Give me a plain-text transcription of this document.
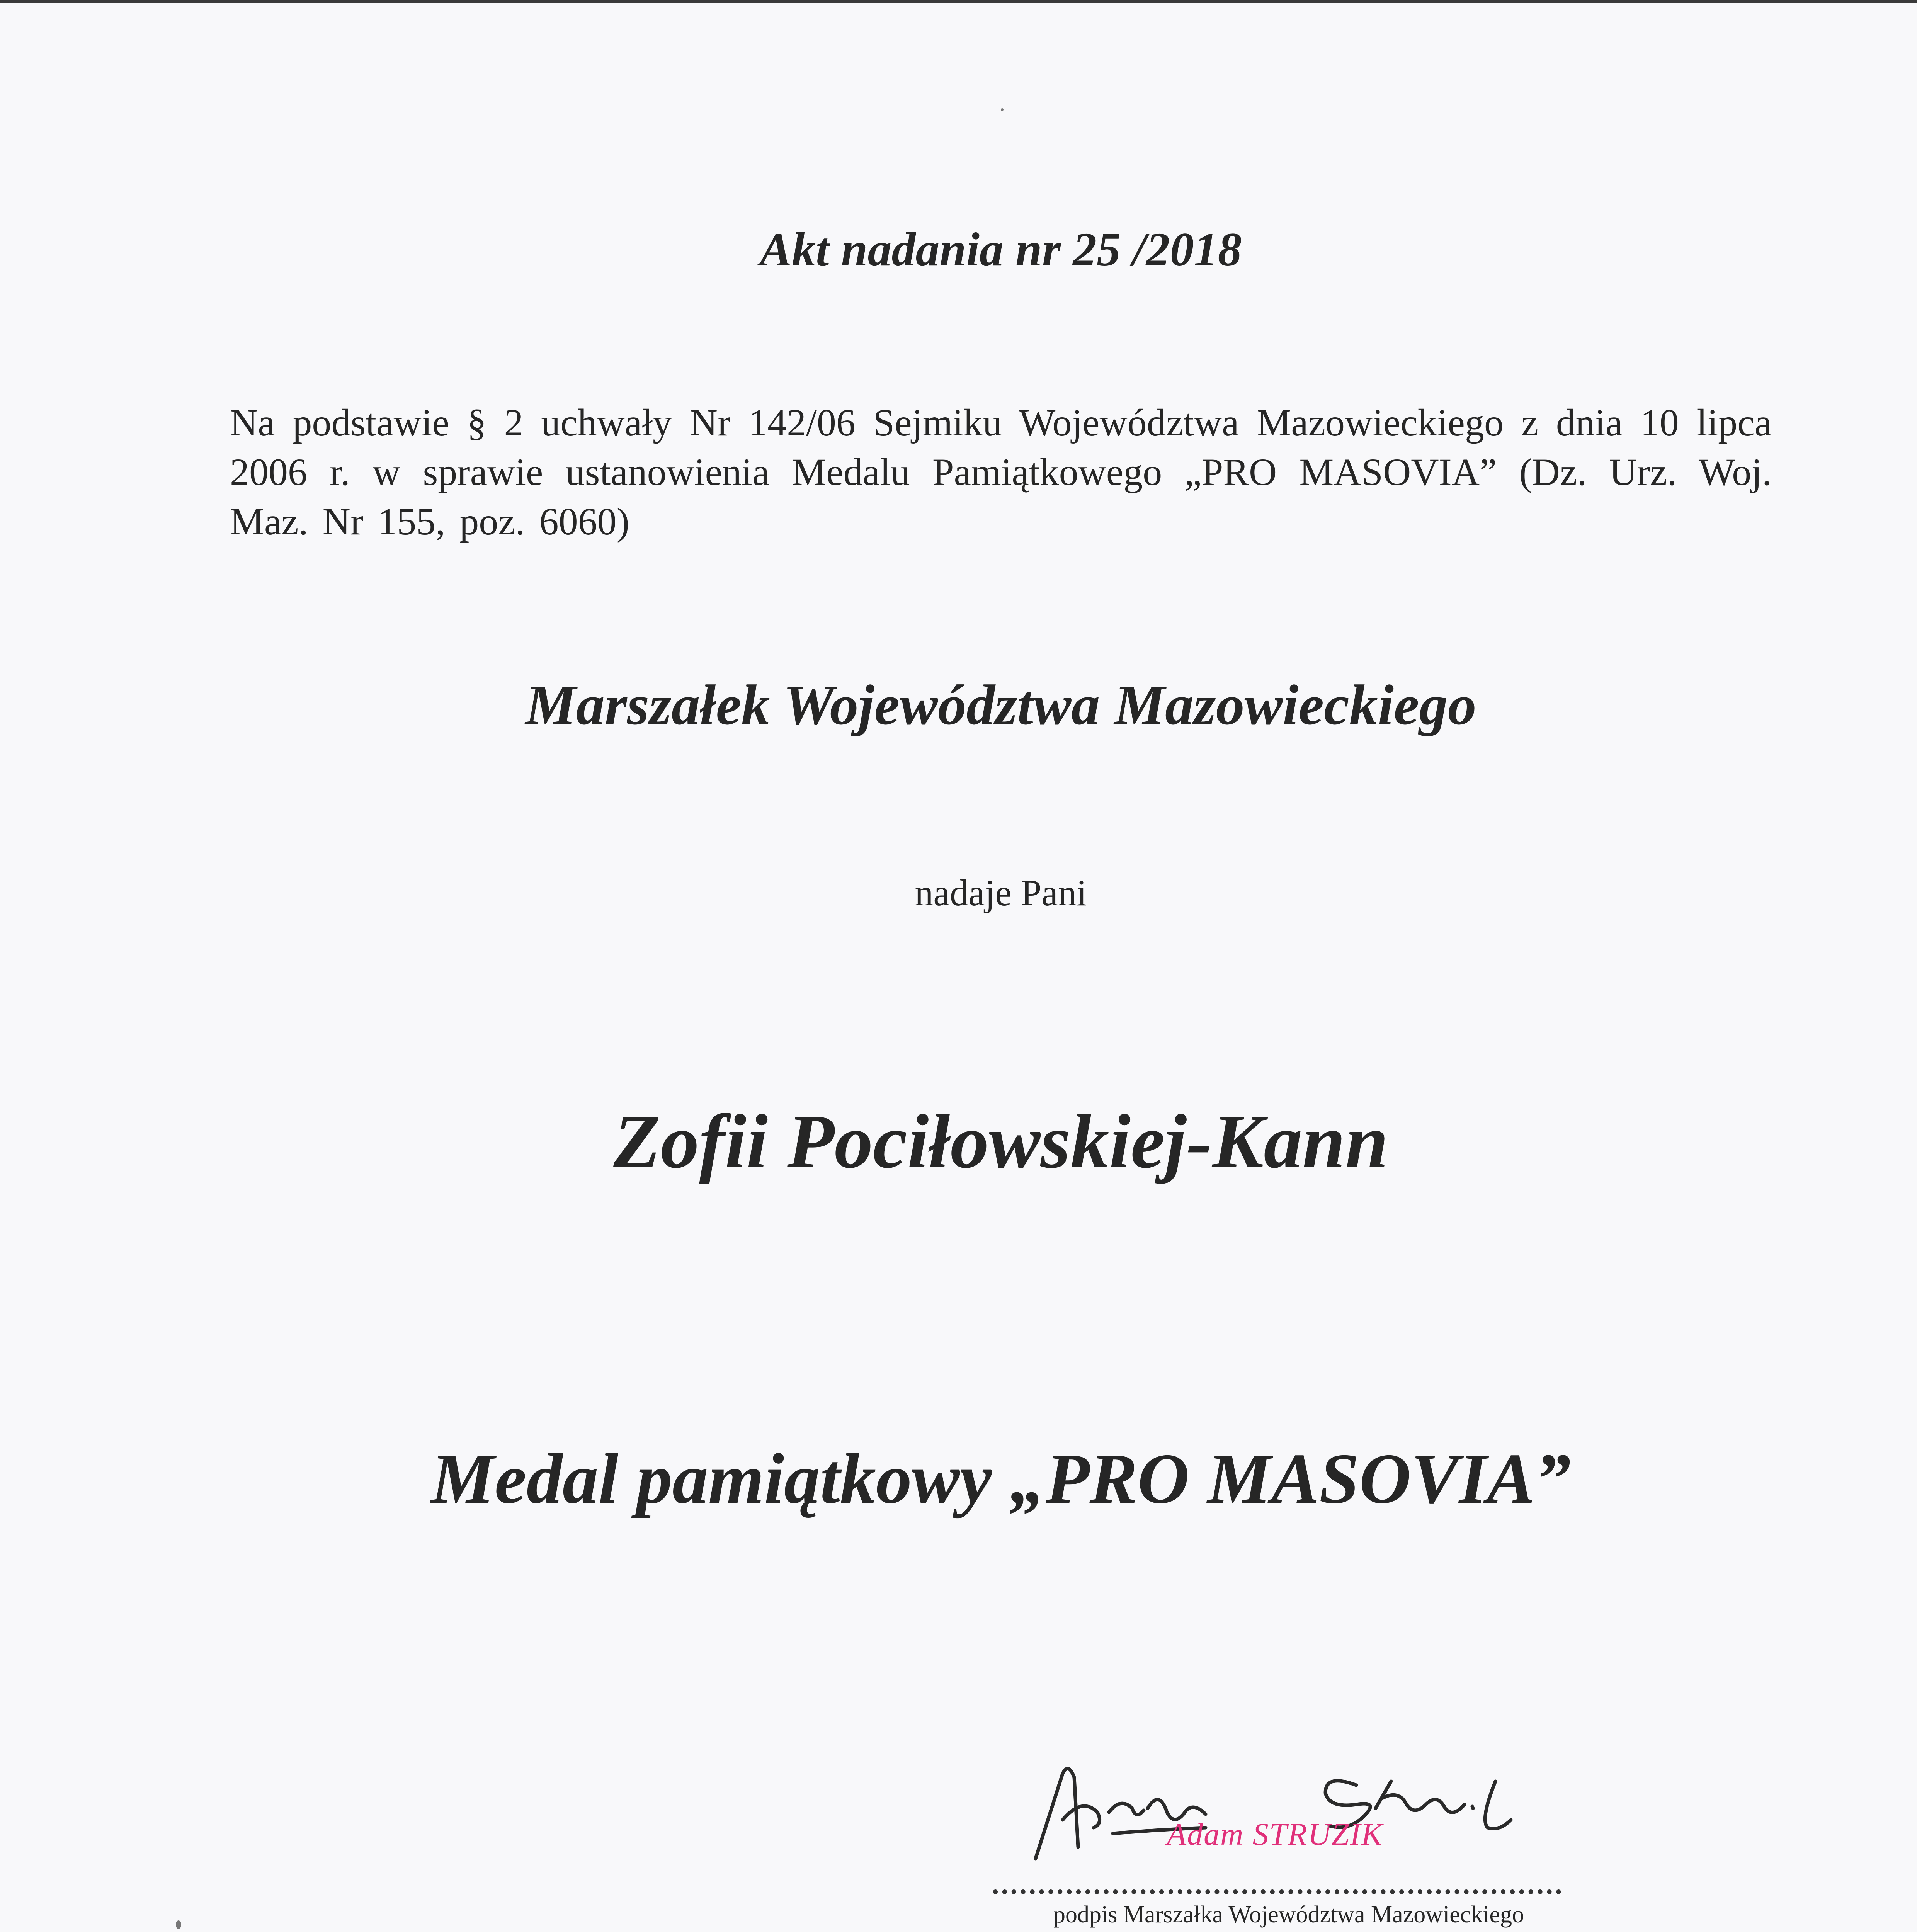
Akt nadania nr 25 /2018

Na podstawie § 2 uchwały Nr 142/06 Sejmiku Województwa Mazowieckiego z dnia 10 lipca 2006 r. w sprawie ustanowienia Medalu Pamiątkowego „PRO MASOVIA” (Dz. Urz. Woj. Maz. Nr 155, poz. 6060)

Marszałek Województwa Mazowieckiego

nadaje Pani

Zofii Pociłowskiej-Kann

Medal pamiątkowy „PRO MASOVIA”

Adam STRUZIK

podpis Marszałka Województwa Mazowieckiego
